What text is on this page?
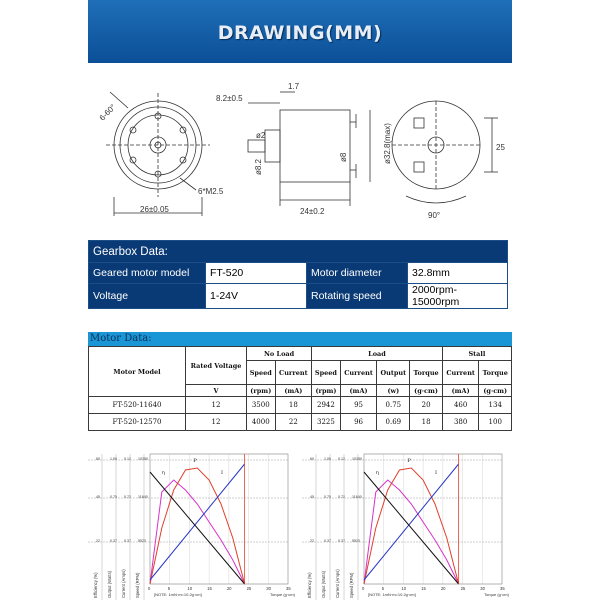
DRAWING(MM)
6-60°
6*M2.5
26±0.05
8.2±0.5
1.7
ø2
ø8.2
ø8	ø32.8(max)
24±0.2
25
90°
Gearbox Data:			
Geared motor model	FT-520	Motor diameter	32.8mm
Voltage	1-24V	Rotating speed	2000rpm-15000rpm
Motor Data:
Motor Model	Rated Voltage	No Load		Load				Stall	
		Speed	Current	Speed	Current	Output	Torque	Current	Torque
	V	(rpm)	(mA)	(rpm)	(mA)	(w)	(g·cm)	(mA)	(g·cm)
FT-520-11640	12	3500	18	2942	95	0.75	20	460	134
FT-520-12570	12	4000	22	3225	96	0.69	18	380	100
60	1.00 0.12 10380
45	0.75 0.72 11640
22	0.37 0.37 5520
Efficiency (%) Output (Watts) Current (Amps) Speed (RPM) 0	5	10	15	20	25	30	35
η
P
I
[NOTE: 1mN·m=10.2g·cm]	Torque (g·cm)
60	1.00 0.12 10380
45	0.75 0.72 11640
22	0.37 0.37 5520
Efficiency (%) Output (Watts) Current (Amps) Speed (RPM) 0	5	10	15	20	25	30	35
η
P
I
[NOTE: 1mN·m=10.2g·cm]	Torque (g·cm)
